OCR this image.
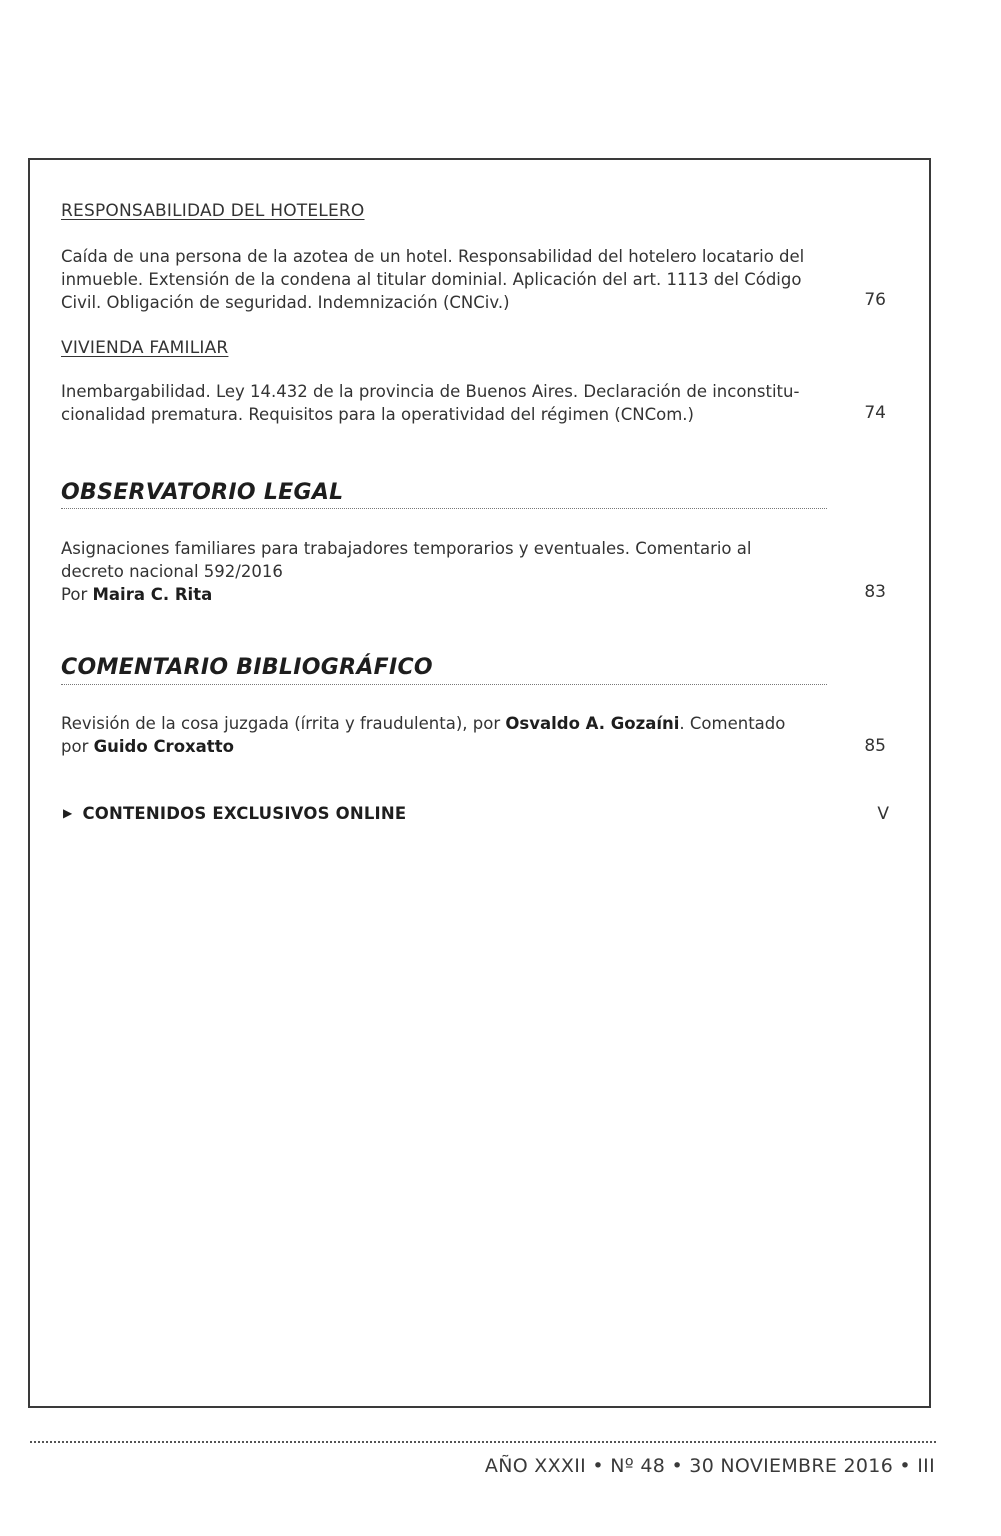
RESPONSABILIDAD DEL HOTELERO
Caída de una persona de la azotea de un hotel. Responsabilidad del hotelero locatario del inmueble. Extensión de la condena al titular dominial. Aplicación del art. 1113 del Código Civil. Obligación de seguridad. Indemnización (CNCiv.)	76
VIVIENDA FAMILIAR
Inembargabilidad. Ley 14.432 de la provincia de Buenos Aires. Declaración de inconstitu-cionalidad prematura. Requisitos para la operatividad del régimen (CNCom.)	74
OBSERVATORIO LEGAL
Asignaciones familiares para trabajadores temporarios y eventuales. Comentario al decreto nacional 592/2016
Por Maira C. Rita	83
COMENTARIO BIBLIOGRÁFICO
Revisión de la cosa juzgada (írrita y fraudulenta), por Osvaldo A. Gozaíni. Comentado por Guido Croxatto	85
▶ CONTENIDOS EXCLUSIVOS ONLINE	V
AÑO XXXII • Nº 48 • 30 NOVIEMBRE 2016 • III
